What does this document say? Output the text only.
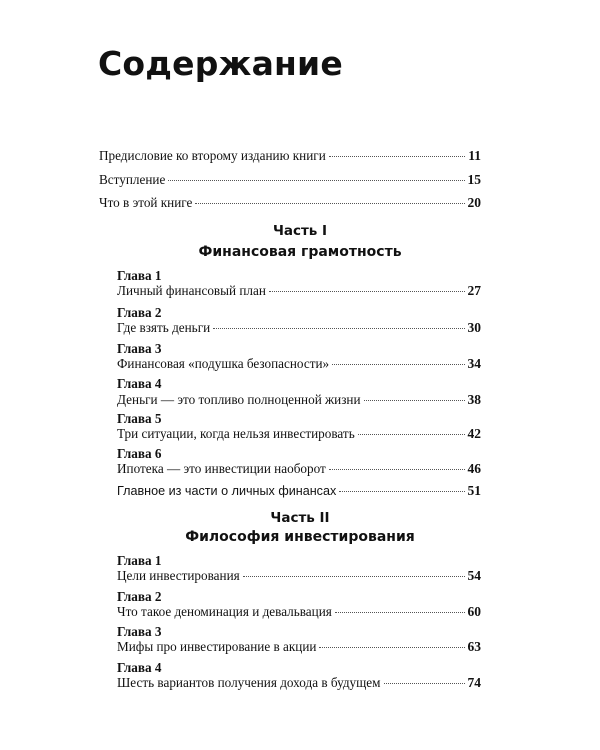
Содержание
Предисловие ко второму изданию книги	11
Вступление	15
Что в этой книге	20
Часть I
Финансовая грамотность
Глава 1
Личный финансовый план	27
Глава 2
Где взять деньги	30
Глава 3
Финансовая «подушка безопасности»	34
Глава 4
Деньги — это топливо полноценной жизни	38
Глава 5
Три ситуации, когда нельзя инвестировать	42
Глава 6
Ипотека — это инвестиции наоборот	46
Главное из части о личных финансах	51
Часть II
Философия инвестирования
Глава 1
Цели инвестирования	54
Глава 2
Что такое деноминация и девальвация	60
Глава 3
Мифы про инвестирование в акции	63
Глава 4
Шесть вариантов получения дохода в будущем	74
